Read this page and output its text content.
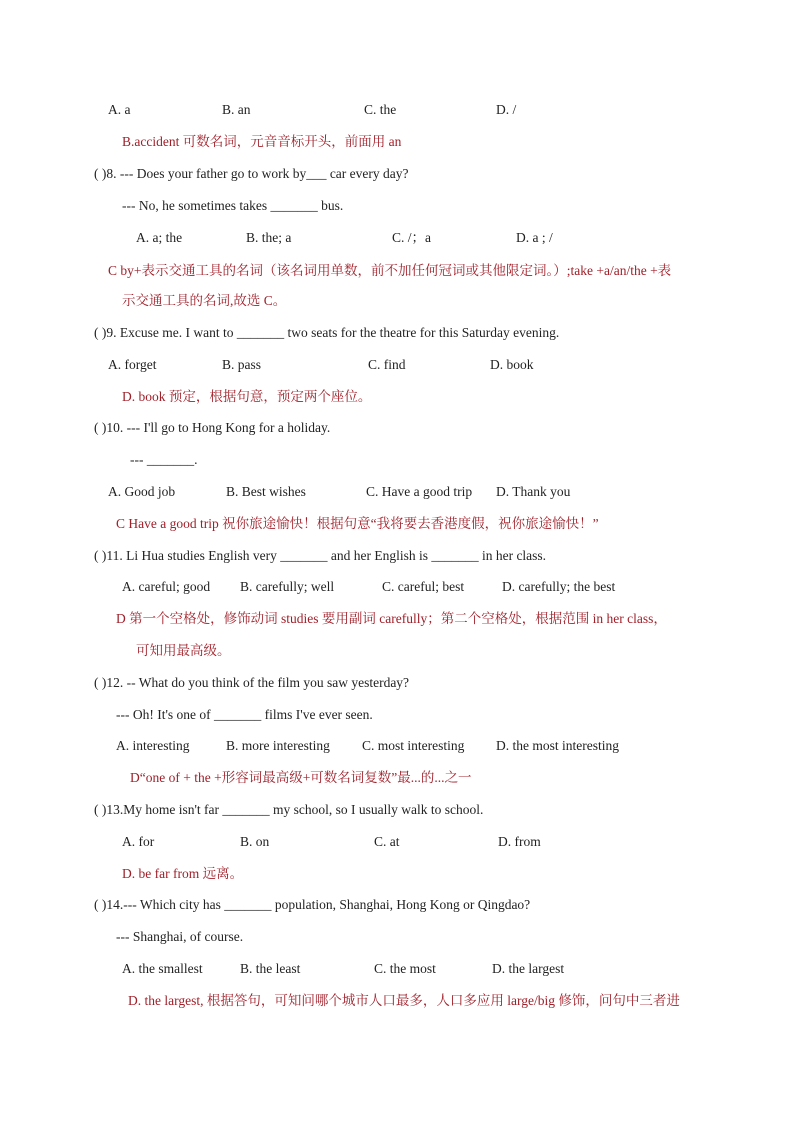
A. a	B. an	C. the	D. /
B.accident 可数名词，元音音标开头，前面用 an
( )8. --- Does your father go to work by___ car every day?
--- No, he sometimes takes _______ bus.
A. a; the	B. the; a	C. /；a	D. a ; /
C by+表示交通工具的名词（该名词用单数，前不加任何冠词或其他限定词。）;take +a/an/the +表
示交通工具的名词,故选 C。
( )9. Excuse me. I want to _______ two seats for the theatre for this Saturday evening.
A. forget	B. pass	C. find	D. book
D. book 预定，根据句意，预定两个座位。
( )10. --- I'll go to Hong Kong for a holiday.
--- _______.
A. Good job	B. Best wishes	C. Have a good trip D. Thank you
C Have a good trip 祝你旅途愉快！根据句意“我将要去香港度假，祝你旅途愉快！”
( )11. Li Hua studies English very _______ and her English is _______ in her class.
A. careful; good B. carefully; well	C. careful; best	D. carefully; the best
D 第一个空格处，修饰动词 studies 要用副词 carefully；第二个空格处，根据范围 in her class，
可知用最高级。
( )12. -- What do you think of the film you saw yesterday?
--- Oh! It's one of _______ films I've ever seen.
A. interesting	B. more interesting C. most interesting D. the most interesting
D“one of + the +形容词最高级+可数名词复数”最...的...之一
( )13.My home isn't far _______ my school, so I usually walk to school.
A. for	B. on	C. at	D. from
D. be far from 远离。
( )14.--- Which city has _______ population, Shanghai, Hong Kong or Qingdao?
--- Shanghai, of course.
A. the smallest	B. the least	C. the most	D. the largest
D. the largest, 根据答句，可知问哪个城市人口最多，人口多应用 large/big 修饰，问句中三者进
